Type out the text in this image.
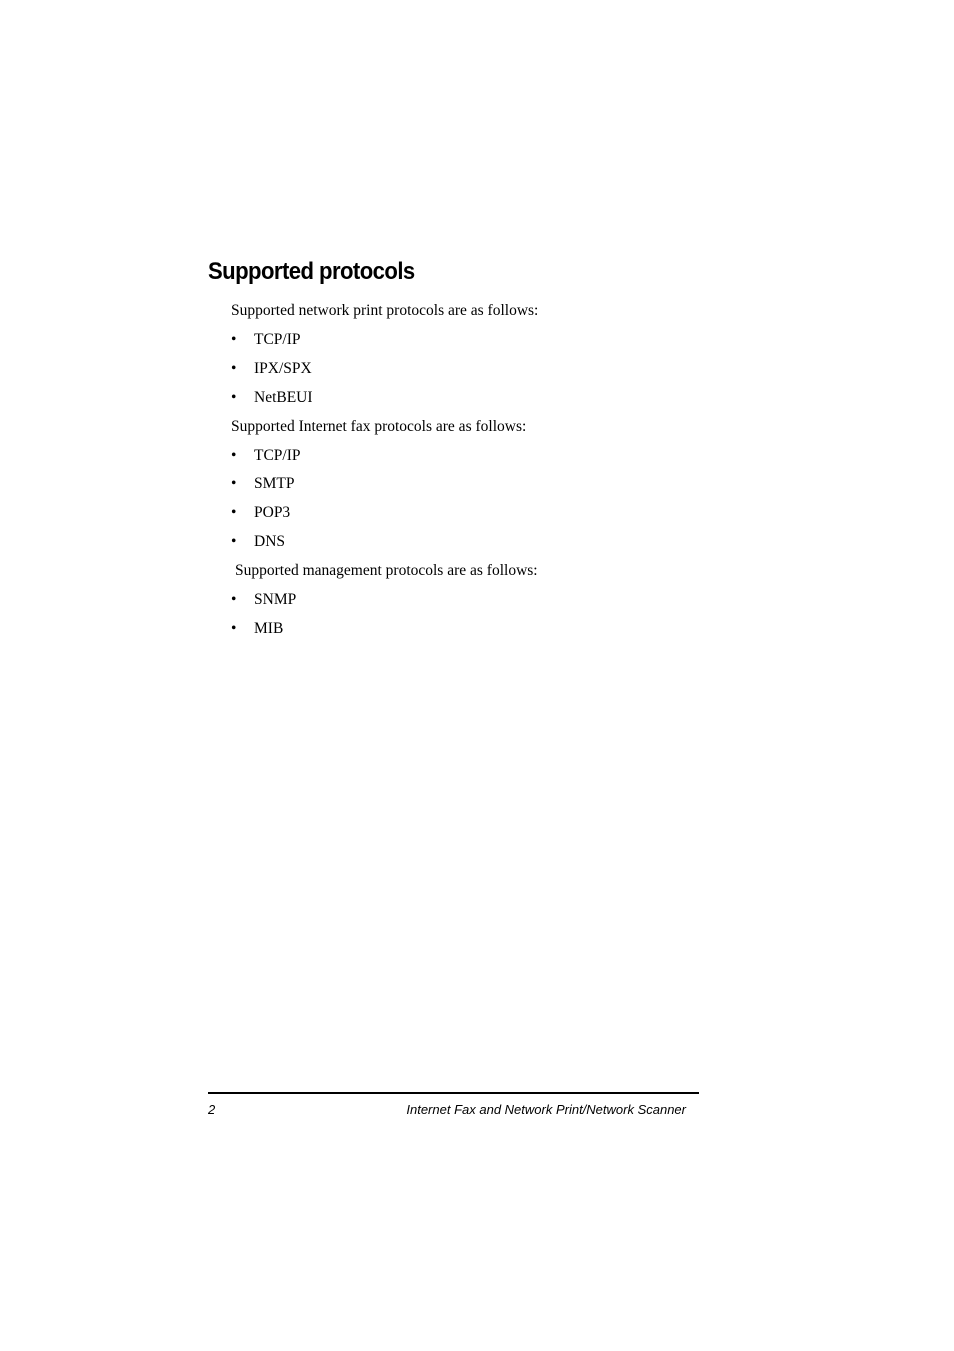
Supported protocols

Supported network print protocols are as follows:

• TCP/IP

• IPX/SPX

• NetBEUI

Supported Internet fax protocols are as follows:

• TCP/IP

• SMTP

• POP3

• DNS

Supported management protocols are as follows:

• SNMP

• MIB

2	Internet Fax and Network Print/Network Scanner
